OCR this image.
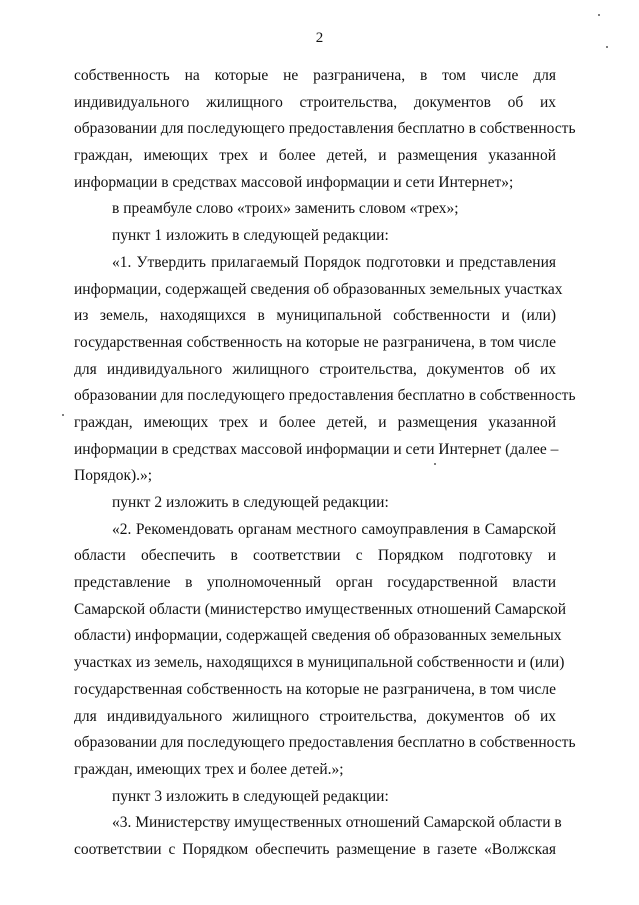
2
собственность на которые не разграничена, в том числе для
индивидуального жилищного строительства, документов об их
образовании для последующего предоставления бесплатно в собственность
граждан, имеющих трех и более детей, и размещения указанной
информации в средствах массовой информации и сети Интернет»;
в преамбуле слово «троих» заменить словом «трех»;
пункт 1 изложить в следующей редакции:
«1. Утвердить прилагаемый Порядок подготовки и представления
информации, содержащей сведения об образованных земельных участках
из земель, находящихся в муниципальной собственности и (или)
государственная собственность на которые не разграничена, в том числе
для индивидуального жилищного строительства, документов об их
образовании для последующего предоставления бесплатно в собственность
граждан, имеющих трех и более детей, и размещения указанной
информации в средствах массовой информации и сети Интернет (далее –
Порядок).»;
пункт 2 изложить в следующей редакции:
«2. Рекомендовать органам местного самоуправления в Самарской
области обеспечить в соответствии с Порядком подготовку и
представление в уполномоченный орган государственной власти
Самарской области (министерство имущественных отношений Самарской
области) информации, содержащей сведения об образованных земельных
участках из земель, находящихся в муниципальной собственности и (или)
государственная собственность на которые не разграничена, в том числе
для индивидуального жилищного строительства, документов об их
образовании для последующего предоставления бесплатно в собственность
граждан, имеющих трех и более детей.»;
пункт 3 изложить в следующей редакции:
«3. Министерству имущественных отношений Самарской области в
соответствии с Порядком обеспечить размещение в газете «Волжская
